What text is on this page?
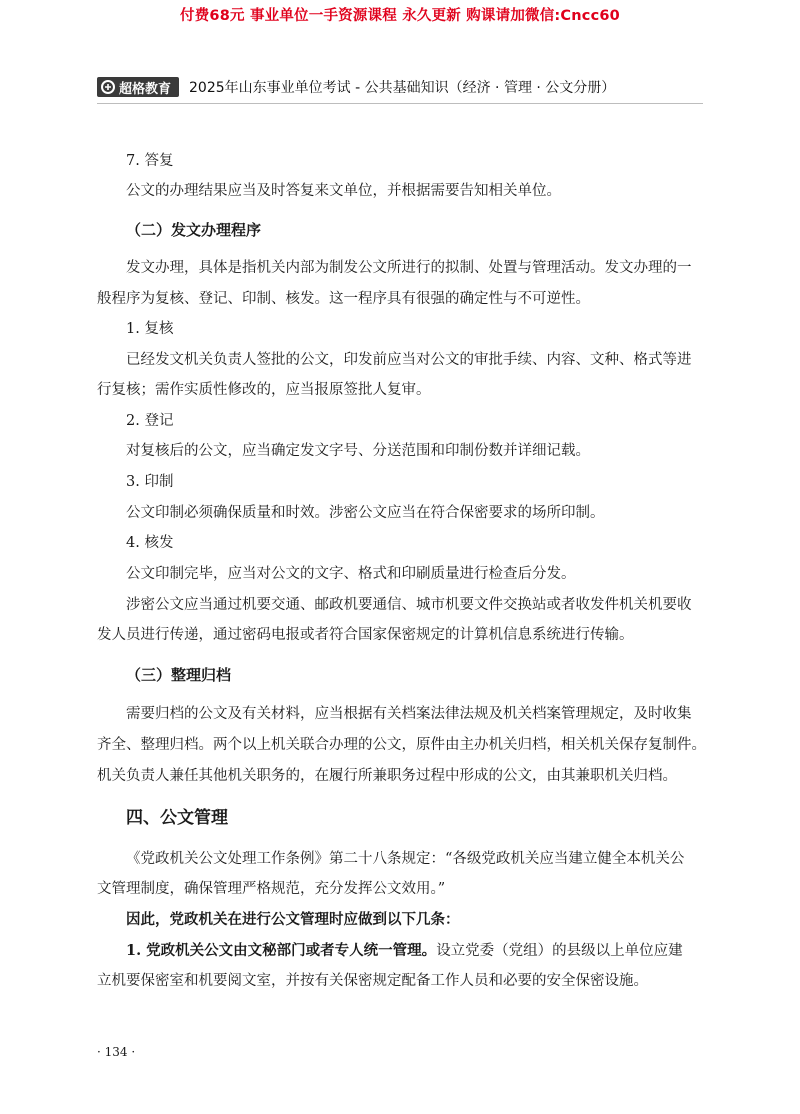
付费68元 事业单位一手资源课程 永久更新 购课请加微信:Cncc60
超格教育 2025年山东事业单位考试 - 公共基础知识（经济 · 管理 · 公文分册）
7. 答复
公文的办理结果应当及时答复来文单位，并根据需要告知相关单位。
（二）发文办理程序
发文办理，具体是指机关内部为制发公文所进行的拟制、处置与管理活动。发文办理的一
般程序为复核、登记、印制、核发。这一程序具有很强的确定性与不可逆性。
1. 复核
已经发文机关负责人签批的公文，印发前应当对公文的审批手续、内容、文种、格式等进
行复核；需作实质性修改的，应当报原签批人复审。
2. 登记
对复核后的公文，应当确定发文字号、分送范围和印制份数并详细记载。
3. 印制
公文印制必须确保质量和时效。涉密公文应当在符合保密要求的场所印制。
4. 核发
公文印制完毕，应当对公文的文字、格式和印刷质量进行检查后分发。
涉密公文应当通过机要交通、邮政机要通信、城市机要文件交换站或者收发件机关机要收
发人员进行传递，通过密码电报或者符合国家保密规定的计算机信息系统进行传输。
（三）整理归档
需要归档的公文及有关材料，应当根据有关档案法律法规及机关档案管理规定，及时收集
齐全、整理归档。两个以上机关联合办理的公文，原件由主办机关归档，相关机关保存复制件。
机关负责人兼任其他机关职务的，在履行所兼职务过程中形成的公文，由其兼职机关归档。
四、公文管理
《党政机关公文处理工作条例》第二十八条规定：“各级党政机关应当建立健全本机关公
文管理制度，确保管理严格规范，充分发挥公文效用。”
因此，党政机关在进行公文管理时应做到以下几条：
1. 党政机关公文由文秘部门或者专人统一管理。设立党委（党组）的县级以上单位应建
立机要保密室和机要阅文室，并按有关保密规定配备工作人员和必要的安全保密设施。
· 134 ·
